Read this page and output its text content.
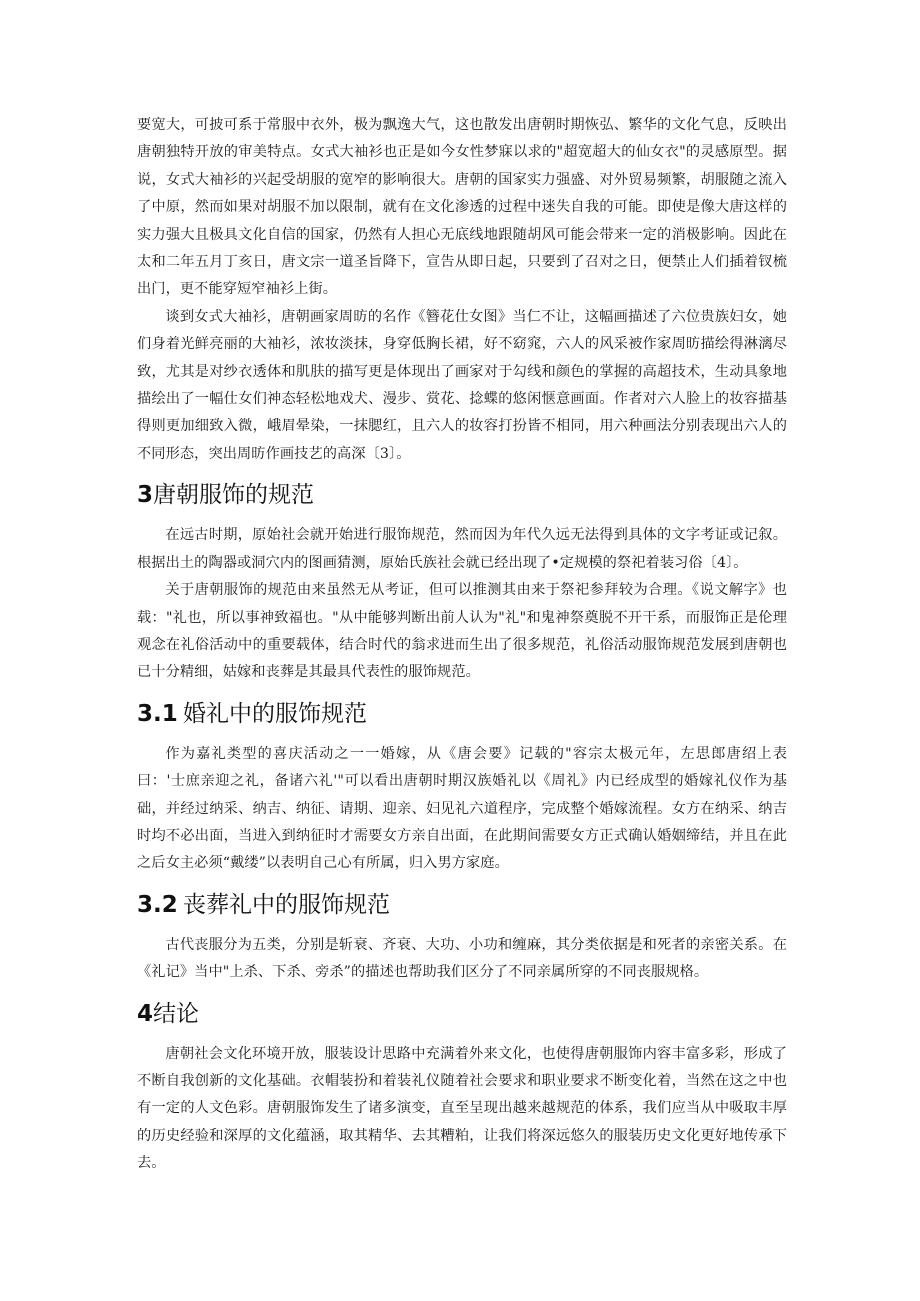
要宽大，可披可系于常服中衣外，极为飘逸大气，这也散发出唐朝时期恢弘、繁华的文化气息，反映出唐朝独特开放的审美特点。女式大袖衫也正是如今女性梦寐以求的"超宽超大的仙女衣"的灵感原型。据说，女式大袖衫的兴起受胡服的宽窄的影响很大。唐朝的国家实力强盛、对外贸易频繁，胡服随之流入了中原，然而如果对胡服不加以限制，就有在文化渗透的过程中迷失自我的可能。即使是像大唐这样的实力强大且极具文化自信的国家，仍然有人担心无底线地跟随胡风可能会带来一定的消极影响。因此在太和二年五月丁亥日，唐文宗一道圣旨降下，宣告从即日起，只要到了召对之日，便禁止人们插着钗梳出门，更不能穿短窄袖衫上街。

谈到女式大袖衫，唐朝画家周昉的名作《簪花仕女图》当仁不让，这幅画描述了六位贵族妇女，她们身着光鲜亮丽的大袖衫，浓妆淡抹，身穿低胸长裙，好不窈窕，六人的风采被作家周昉描绘得淋漓尽致，尤其是对纱衣透体和肌肤的描写更是体现出了画家对于勾线和颜色的掌握的高超技术，生动具象地描绘出了一幅仕女们神态轻松地戏犬、漫步、赏花、捻蝶的悠闲惬意画面。作者对六人脸上的妆容描基得则更加细致入微，峨眉晕染，一抹腮红，且六人的妆容打扮皆不相同，用六种画法分别表现出六人的不同形态，突出周昉作画技艺的高深〔3〕。

3唐朝服饰的规范

在远古时期，原始社会就开始进行服饰规范，然而因为年代久远无法得到具体的文字考证或记叙。根据出土的陶器或洞穴内的图画猜测，原始氏族社会就已经出现了•定规模的祭祀着装习俗〔4〕。

关于唐朝服饰的规范由来虽然无从考证，但可以推测其由来于祭祀参拜较为合理。《说文解字》也载："礼也，所以事神致福也。"从中能够判断出前人认为"礼"和鬼神祭奠脱不开干系，而服饰正是伦理观念在礼俗活动中的重要载体，结合时代的翁求进而生出了很多规范，礼俗活动服饰规范发展到唐朝也已十分精细，姑嫁和丧葬是其最具代表性的服饰规范。

3.1 婚礼中的服饰规范

作为嘉礼类型的喜庆活动之一一婚嫁，从《唐会要》记载的"容宗太极元年，左思郎唐绍上表曰：'士庶亲迎之礼，备诸六礼'"可以看出唐朝时期汉族婚礼以《周礼》内已经成型的婚嫁礼仪作为基础，并经过纳采、纳吉、纳征、请期、迎亲、妇见礼六道程序，完成整个婚嫁流程。女方在纳采、纳吉时均不必出面，当进入到纳征时才需要女方亲自出面，在此期间需要女方正式确认婚姻缔结，并且在此之后女主必须“戴缕”以表明自己心有所属，归入男方家庭。

3.2 丧葬礼中的服饰规范

古代丧服分为五类，分别是斩衰、齐衰、大功、小功和缠麻，其分类依据是和死者的亲密关系。在《礼记》当中"上杀、下杀、旁杀”的描述也帮助我们区分了不同亲属所穿的不同丧服规格。

4结论

唐朝社会文化环境开放，服装设计思路中充满着外来文化，也使得唐朝服饰内容丰富多彩，形成了不断自我创新的文化基础。衣帽装扮和着装礼仪随着社会要求和职业要求不断变化着，当然在这之中也有一定的人文色彩。唐朝服饰发生了诸多演变，直至呈现出越来越规范的体系，我们应当从中吸取丰厚的历史经验和深厚的文化蕴涵，取其精华、去其糟粕，让我们将深远悠久的服装历史文化更好地传承下去。
